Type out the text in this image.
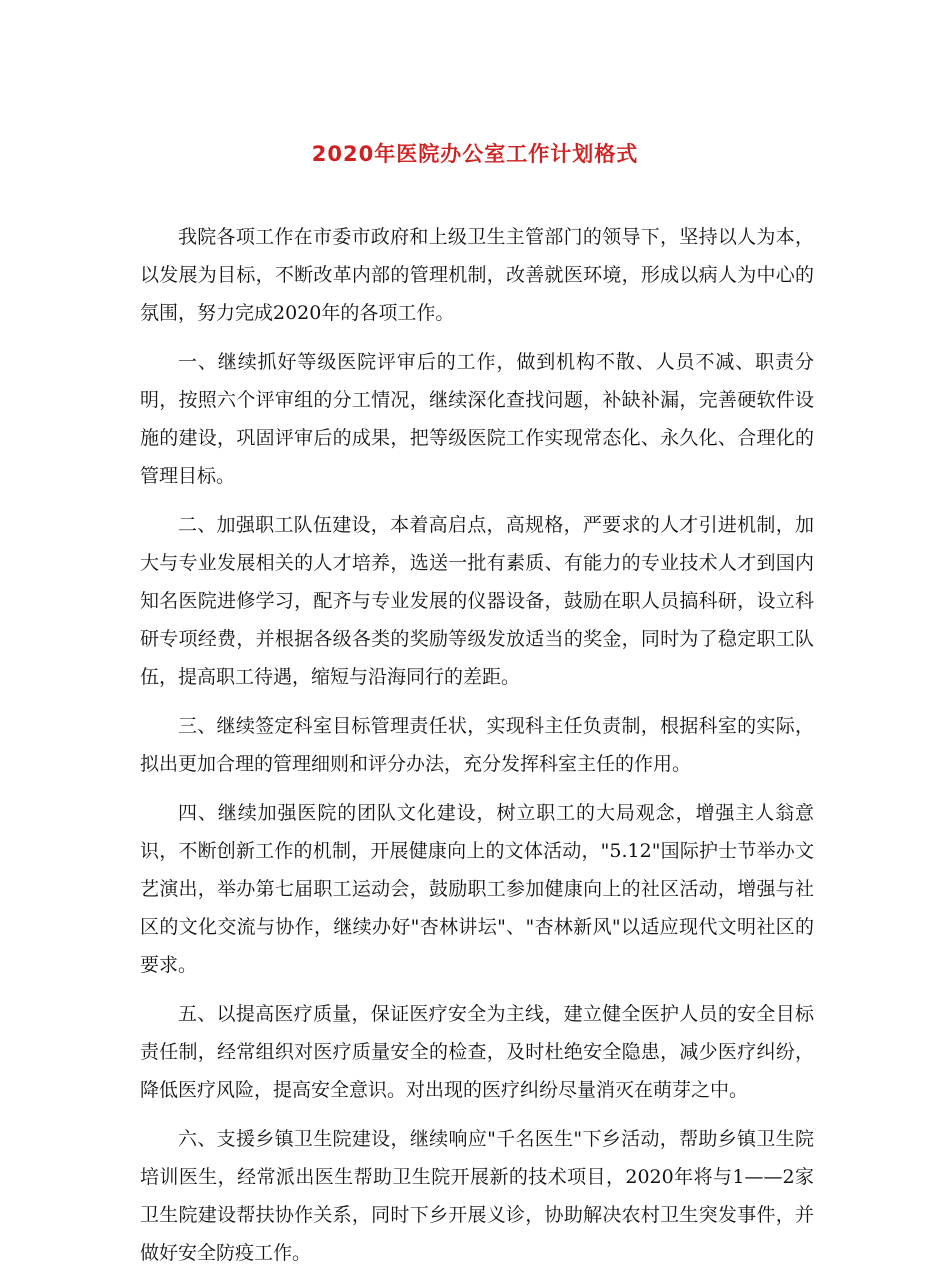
2020年医院办公室工作计划格式

我院各项工作在市委市政府和上级卫生主管部门的领导下，坚持以人为本，以发展为目标，不断改革内部的管理机制，改善就医环境，形成以病人为中心的氛围，努力完成2020年的各项工作。

一、继续抓好等级医院评审后的工作，做到机构不散、人员不减、职责分明，按照六个评审组的分工情况，继续深化查找问题，补缺补漏，完善硬软件设施的建设，巩固评审后的成果，把等级医院工作实现常态化、永久化、合理化的管理目标。

二、加强职工队伍建设，本着高启点，高规格，严要求的人才引进机制，加大与专业发展相关的人才培养，选送一批有素质、有能力的专业技术人才到国内知名医院进修学习，配齐与专业发展的仪器设备，鼓励在职人员搞科研，设立科研专项经费，并根据各级各类的奖励等级发放适当的奖金，同时为了稳定职工队伍，提高职工待遇，缩短与沿海同行的差距。

三、继续签定科室目标管理责任状，实现科主任负责制，根据科室的实际，拟出更加合理的管理细则和评分办法，充分发挥科室主任的作用。

四、继续加强医院的团队文化建设，树立职工的大局观念，增强主人翁意识，不断创新工作的机制，开展健康向上的文体活动，"5.12"国际护士节举办文艺演出，举办第七届职工运动会，鼓励职工参加健康向上的社区活动，增强与社区的文化交流与协作，继续办好"杏林讲坛"、"杏林新风"以适应现代文明社区的要求。

五、以提高医疗质量，保证医疗安全为主线，建立健全医护人员的安全目标责任制，经常组织对医疗质量安全的检查，及时杜绝安全隐患，减少医疗纠纷，降低医疗风险，提高安全意识。对出现的医疗纠纷尽量消灭在萌芽之中。

六、支援乡镇卫生院建设，继续响应"千名医生"下乡活动，帮助乡镇卫生院培训医生，经常派出医生帮助卫生院开展新的技术项目，2020年将与1——2家卫生院建设帮扶协作关系，同时下乡开展义诊，协助解决农村卫生突发事件，并做好安全防疫工作。
